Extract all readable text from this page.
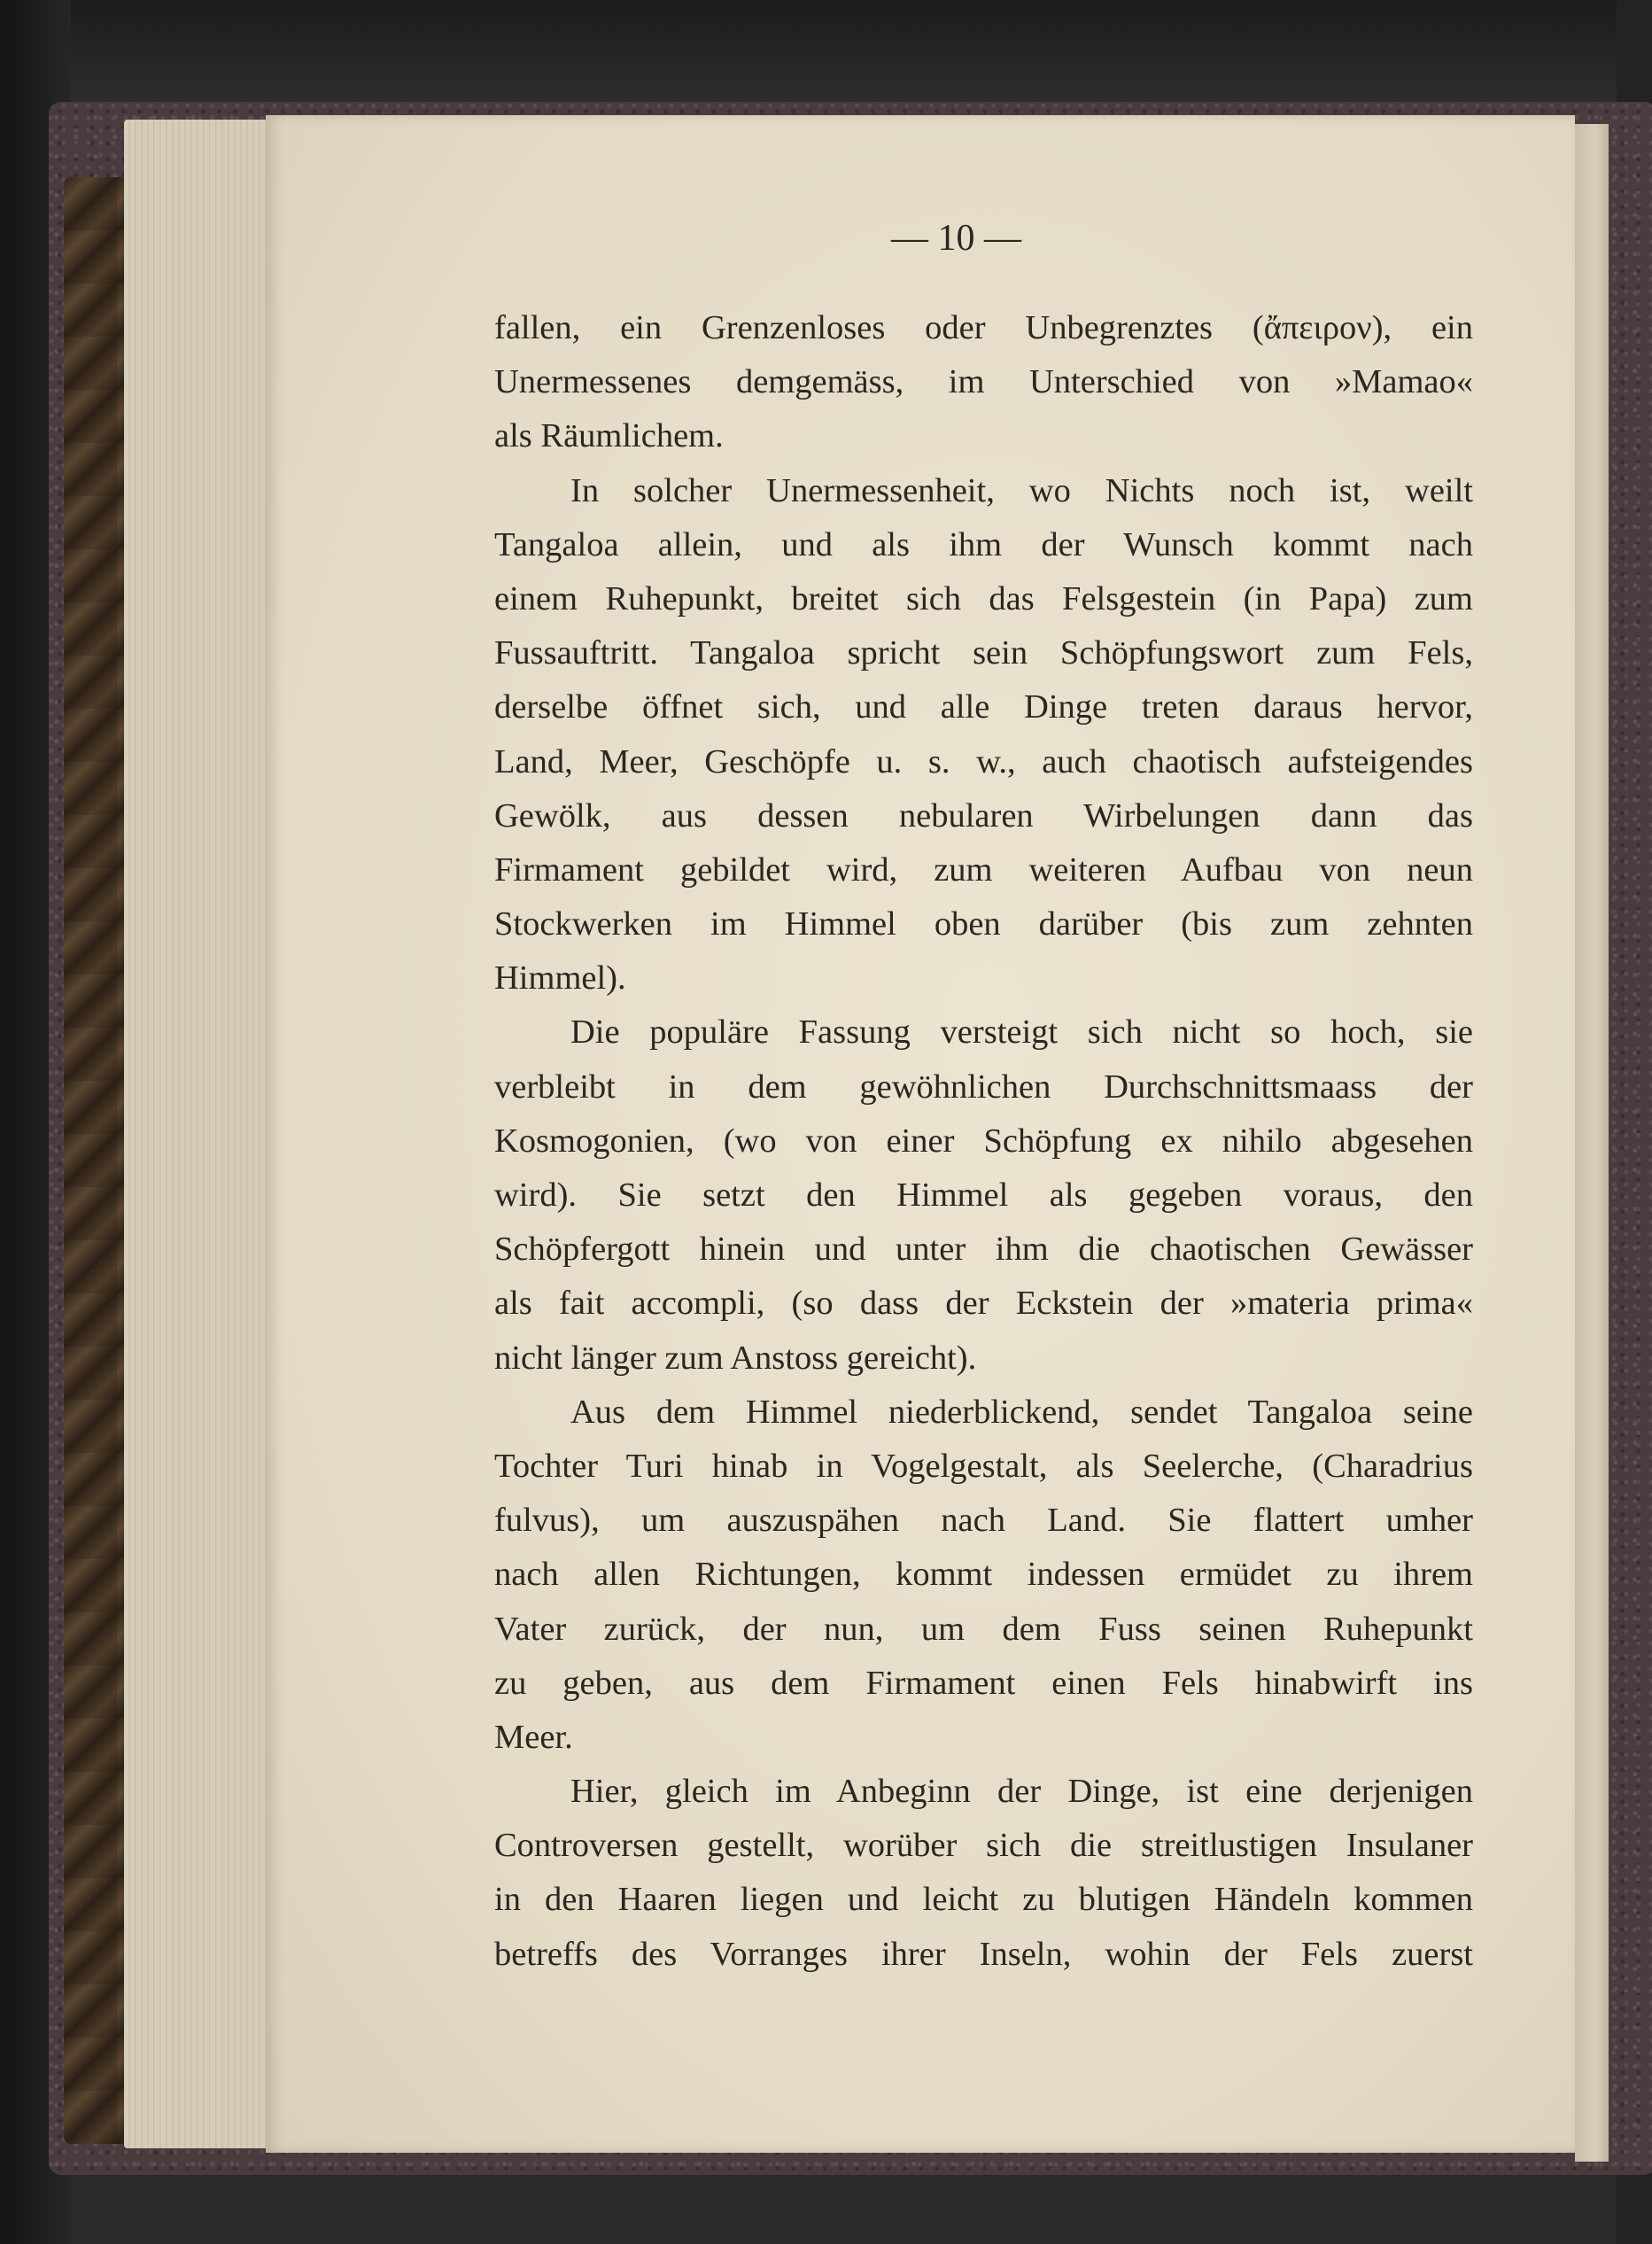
— 10 —
fallen, ein Grenzenloses oder Unbegrenztes (ἄπειρον), ein
Unermessenes demgemäss, im Unterschied von »Mamao«
als Räumlichem.
In solcher Unermessenheit, wo Nichts noch ist, weilt
Tangaloa allein, und als ihm der Wunsch kommt nach
einem Ruhepunkt, breitet sich das Felsgestein (in Papa) zum
Fussauftritt. Tangaloa spricht sein Schöpfungswort zum Fels,
derselbe öffnet sich, und alle Dinge treten daraus hervor,
Land, Meer, Geschöpfe u. s. w., auch chaotisch aufsteigendes
Gewölk, aus dessen nebularen Wirbelungen dann das
Firmament gebildet wird, zum weiteren Aufbau von neun
Stockwerken im Himmel oben darüber (bis zum zehnten
Himmel).
Die populäre Fassung versteigt sich nicht so hoch, sie
verbleibt in dem gewöhnlichen Durchschnittsmaass der
Kosmogonien, (wo von einer Schöpfung ex nihilo abgesehen
wird). Sie setzt den Himmel als gegeben voraus, den
Schöpfergott hinein und unter ihm die chaotischen Gewässer
als fait accompli, (so dass der Eckstein der »materia prima«
nicht länger zum Anstoss gereicht).
Aus dem Himmel niederblickend, sendet Tangaloa seine
Tochter Turi hinab in Vogelgestalt, als Seelerche, (Charadrius
fulvus), um auszuspähen nach Land. Sie flattert umher
nach allen Richtungen, kommt indessen ermüdet zu ihrem
Vater zurück, der nun, um dem Fuss seinen Ruhepunkt
zu geben, aus dem Firmament einen Fels hinabwirft ins
Meer.
Hier, gleich im Anbeginn der Dinge, ist eine derjenigen
Controversen gestellt, worüber sich die streitlustigen Insulaner
in den Haaren liegen und leicht zu blutigen Händeln kommen
betreffs des Vorranges ihrer Inseln, wohin der Fels zuerst
